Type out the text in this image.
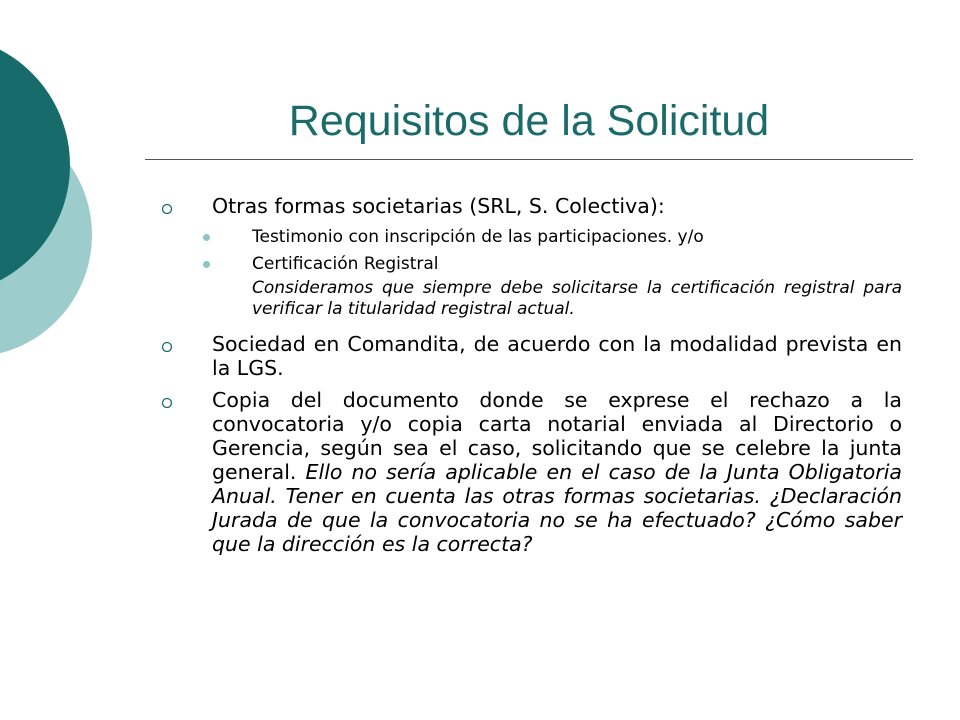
Requisitos de la Solicitud
Otras formas societarias (SRL, S. Colectiva):
Testimonio con inscripción de las participaciones. y/o
Certificación Registral
Consideramos que siempre debe solicitarse la certificación registral para verificar la titularidad registral actual.
Sociedad en Comandita, de acuerdo con la modalidad prevista en la LGS.
Copia del documento donde se exprese el rechazo a la convocatoria y/o copia carta notarial enviada al Directorio o Gerencia, según sea el caso, solicitando que se celebre la junta general. Ello no sería aplicable en el caso de la Junta Obligatoria Anual. Tener en cuenta las otras formas societarias. ¿Declaración Jurada de que la convocatoria no se ha efectuado? ¿Cómo saber que la dirección es la correcta?
